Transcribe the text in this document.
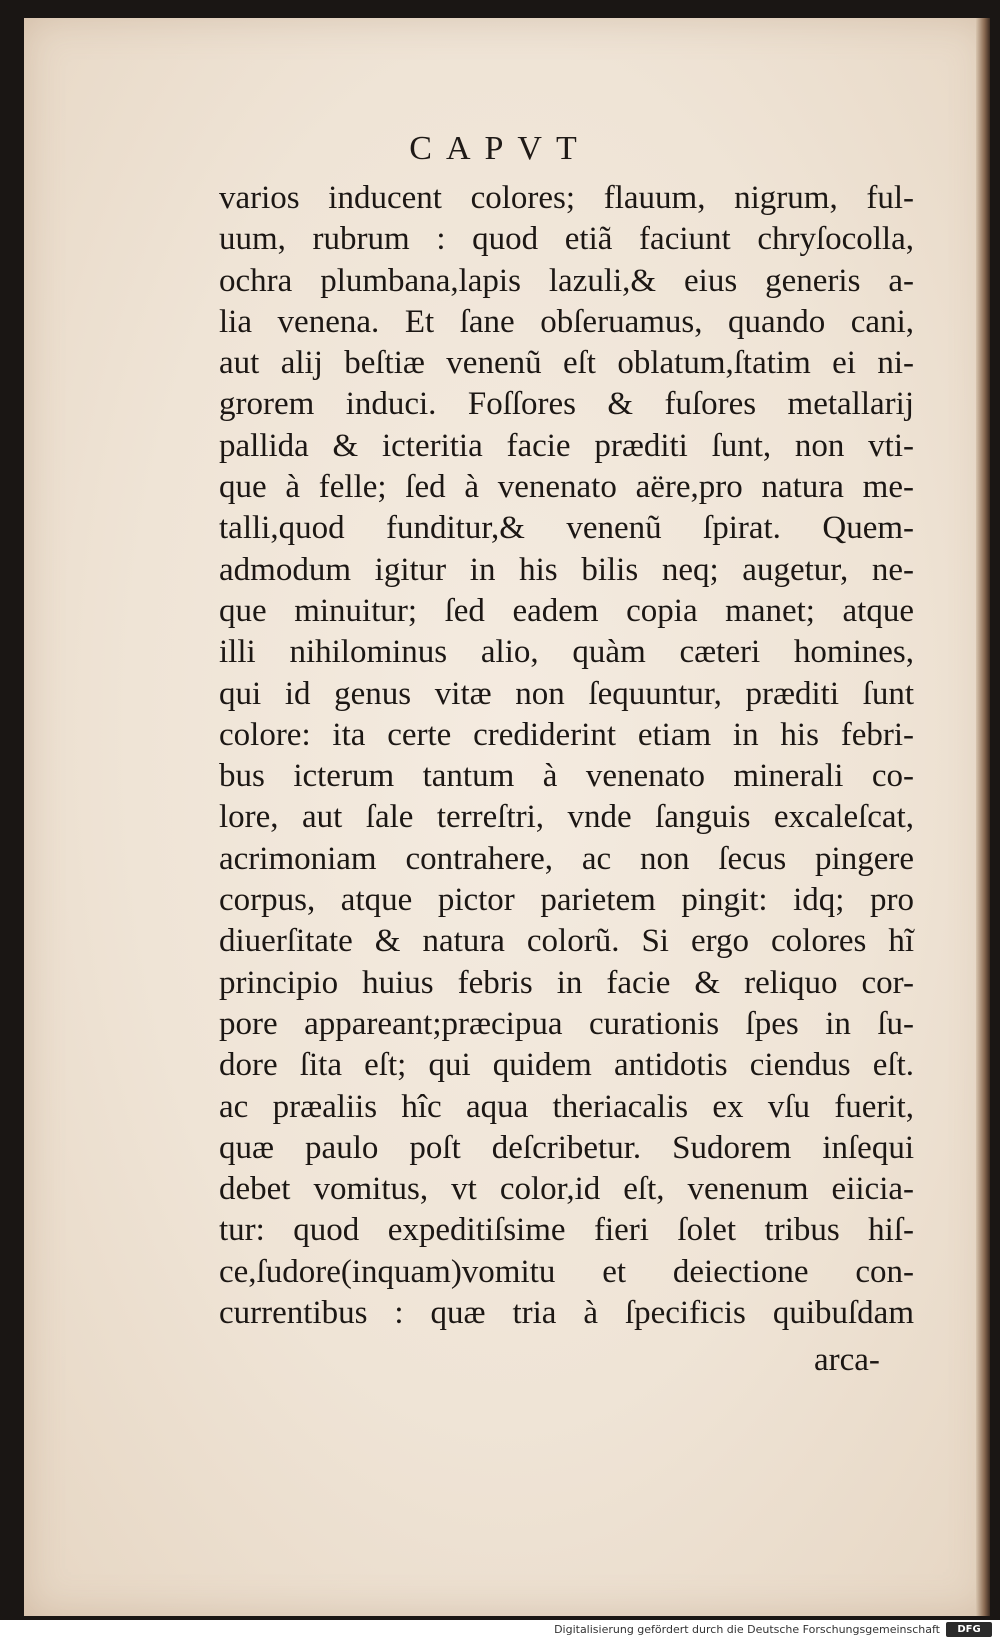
CAPVT
varios inducent colores; flauum, nigrum, ful-
uum, rubrum : quod etiã faciunt chryſocolla,
ochra plumbana,lapis lazuli,& eius generis a-
lia venena. Et ſane obſeruamus, quando cani,
aut alij beſtiæ venenũ eſt oblatum,ſtatim ei ni-
grorem induci. Foſſores & fuſores metallarij
pallida & icteritia facie præditi ſunt, non vti-
que à felle; ſed à venenato aëre,pro natura me-
talli,quod funditur,& venenũ ſpirat. Quem-
admodum igitur in his bilis neq; augetur, ne-
que minuitur; ſed eadem copia manet; atque
illi nihilominus alio, quàm cæteri homines,
qui id genus vitæ non ſequuntur, præditi ſunt
colore: ita certe crediderint etiam in his febri-
bus icterum tantum à venenato minerali co-
lore, aut ſale terreſtri, vnde ſanguis excaleſcat,
acrimoniam contrahere, ac non ſecus pingere
corpus, atque pictor parietem pingit: idq; pro
diuerſitate & natura colorũ. Si ergo colores hĩ
principio huius febris in facie & reliquo cor-
pore appareant;præcipua curationis ſpes in ſu-
dore ſita eſt; qui quidem antidotis ciendus eſt.
ac præaliis hîc aqua theriacalis ex vſu fuerit,
quæ paulo poſt deſcribetur. Sudorem inſequi
debet vomitus, vt color,id eſt, venenum eiicia-
tur: quod expeditiſsime fieri ſolet tribus hiſ-
ce,ſudore(inquam)vomitu et deiectione con-
currentibus : quæ tria à ſpecificis quibuſdam
arca-
Digitalisierung gefördert durch die Deutsche Forschungsgemeinschaft	DFG
